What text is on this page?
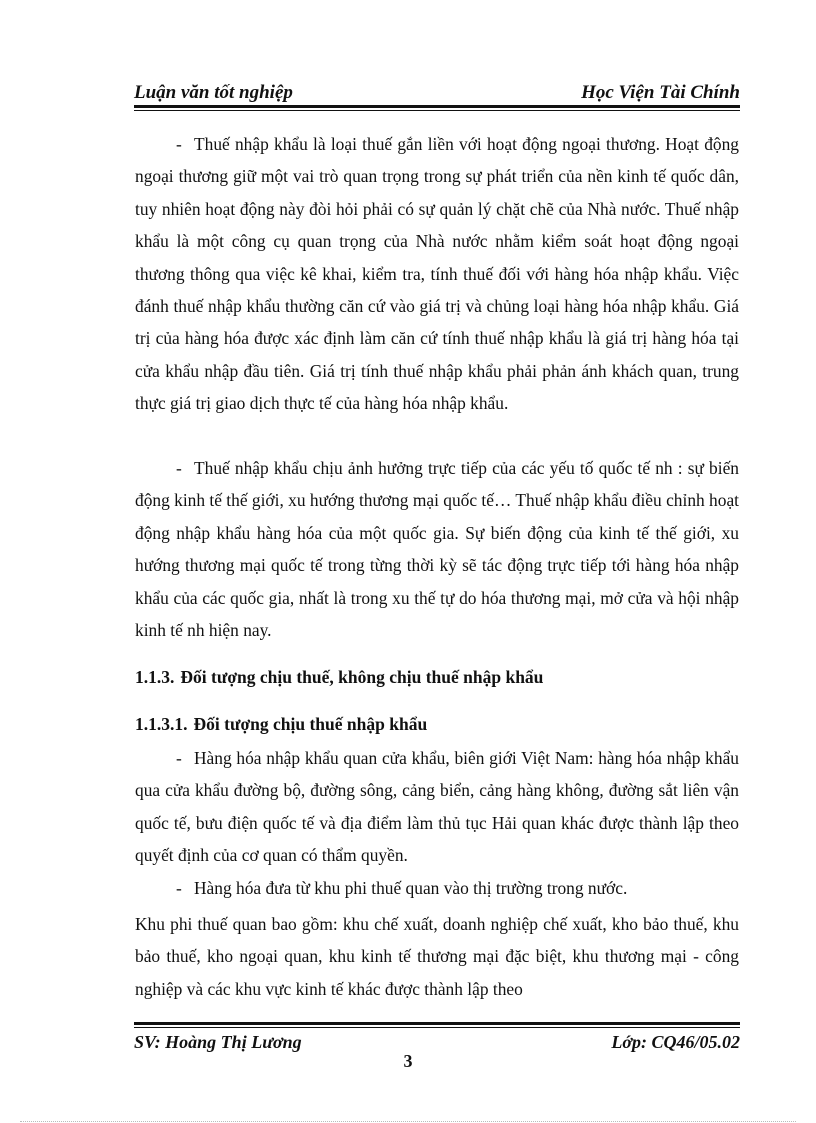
Luận văn tốt nghiệp	Học Viện Tài Chính

- Thuế nhập khẩu là loại thuế gắn liền với hoạt động ngoại thương. Hoạt động ngoại thương giữ một vai trò quan trọng trong sự phát triển của nền kinh tế quốc dân, tuy nhiên hoạt động này đòi hỏi phải có sự quản lý chặt chẽ của Nhà nước. Thuế nhập khẩu là một công cụ quan trọng của Nhà nước nhằm kiểm soát hoạt động ngoại thương thông qua việc kê khai, kiểm tra, tính thuế đối với hàng hóa nhập khẩu. Việc đánh thuế nhập khẩu thường căn cứ vào giá trị và chủng loại hàng hóa nhập khẩu. Giá trị của hàng hóa được xác định làm căn cứ tính thuế nhập khẩu là giá trị hàng hóa tại cửa khẩu nhập đầu tiên. Giá trị tính thuế nhập khẩu phải phản ánh khách quan, trung thực giá trị giao dịch thực tế của hàng hóa nhập khẩu.

- Thuế nhập khẩu chịu ảnh hưởng trực tiếp của các yếu tố quốc tế nh : sự biến động kinh tế thế giới, xu hướng thương mại quốc tế… Thuế nhập khẩu điều chỉnh hoạt động nhập khẩu hàng hóa của một quốc gia. Sự biến động của kinh tế thế giới, xu hướng thương mại quốc tế trong từng thời kỳ sẽ tác động trực tiếp tới hàng hóa nhập khẩu của các quốc gia, nhất là trong xu thế tự do hóa thương mại, mở cửa và hội nhập kinh tế nh hiện nay.

1.1.3. Đối tượng chịu thuế, không chịu thuế nhập khẩu
1.1.3.1. Đối tượng chịu thuế nhập khẩu

- Hàng hóa nhập khẩu quan cửa khẩu, biên giới Việt Nam: hàng hóa nhập khẩu qua cửa khẩu đường bộ, đường sông, cảng biển, cảng hàng không, đường sắt liên vận quốc tế, bưu điện quốc tế và địa điểm làm thủ tục Hải quan khác được thành lập theo quyết định của cơ quan có thẩm quyền.

- Hàng hóa đưa từ khu phi thuế quan vào thị trường trong nước.

Khu phi thuế quan bao gồm: khu chế xuất, doanh nghiệp chế xuất, kho bảo thuế, khu bảo thuế, kho ngoại quan, khu kinh tế thương mại đặc biệt, khu thương mại - công nghiệp và các khu vực kinh tế khác được thành lập theo

SV: Hoàng Thị Lương	Lớp: CQ46/05.02
3
